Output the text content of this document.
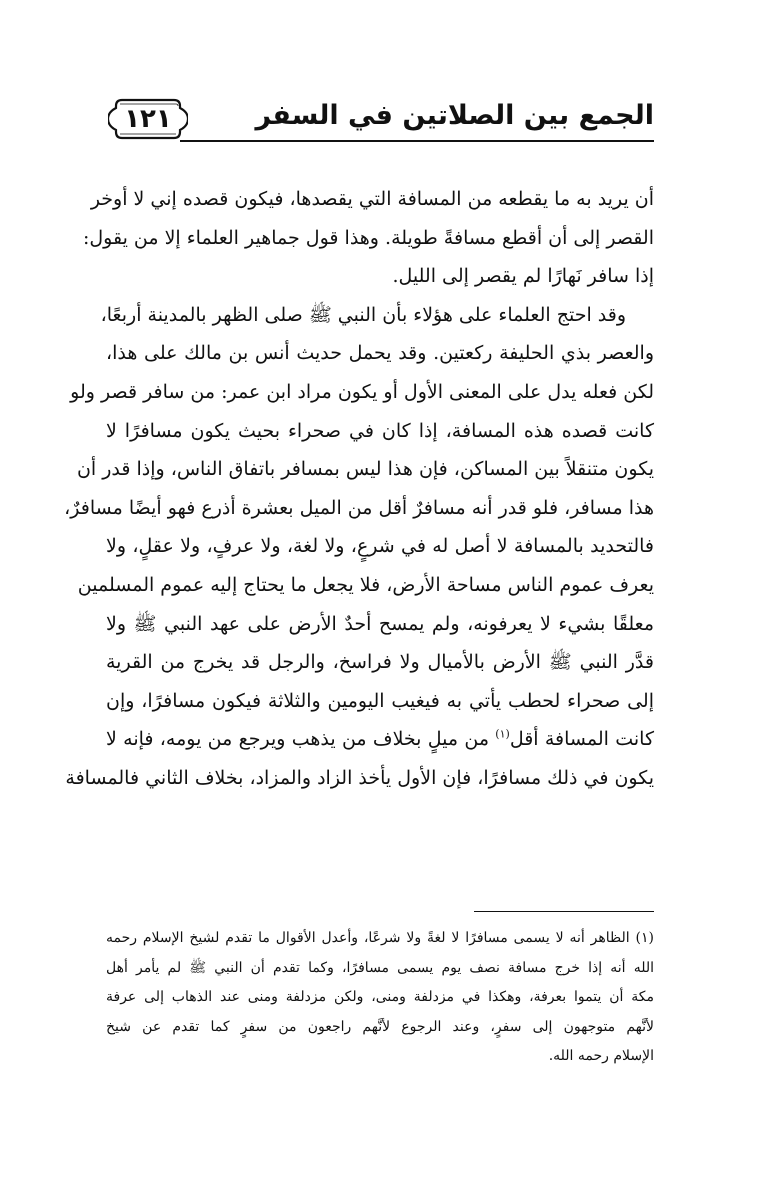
١٢١	الجمع بين الصلاتين في السفر
أن يريد به ما يقطعه من المسافة التي يقصدها، فيكون قصده إني لا أوخر
القصر إلى أن أقطع مسافةً طويلة. وهذا قول جماهير العلماء إلا من يقول:
إذا سافر نَهارًا لم يقصر إلى الليل.
وقد احتج العلماء على هؤلاء بأن النبي ﷺ صلى الظهر بالمدينة أربعًا،
والعصر بذي الحليفة ركعتين. وقد يحمل حديث أنس بن مالك على هذا،
لكن فعله يدل على المعنى الأول أو يكون مراد ابن عمر: من سافر قصر ولو
كانت قصده هذه المسافة، إذا كان في صحراء بحيث يكون مسافرًا لا
يكون متنقلاً بين المساكن، فإن هذا ليس بمسافر باتفاق الناس، وإذا قدر أن
هذا مسافر، فلو قدر أنه مسافرٌ أقل من الميل بعشرة أذرع فهو أيضًا مسافرٌ،
فالتحديد بالمسافة لا أصل له في شرعٍ، ولا لغة، ولا عرفٍ، ولا عقلٍ، ولا
يعرف عموم الناس مساحة الأرض، فلا يجعل ما يحتاج إليه عموم المسلمين
معلقًا بشيء لا يعرفونه، ولم يمسح أحدٌ الأرض على عهد النبي ﷺ ولا
قدَّر النبي ﷺ الأرض بالأميال ولا فراسخ، والرجل قد يخرج من القرية
إلى صحراء لحطب يأتي به فيغيب اليومين والثلاثة فيكون مسافرًا، وإن
كانت المسافة أقل$^{(١)}$ من ميلٍ بخلاف من يذهب ويرجع من يومه، فإنه لا
يكون في ذلك مسافرًا، فإن الأول يأخذ الزاد والمزاد، بخلاف الثاني فالمسافة
(١) الظاهر أنه لا يسمى مسافرًا لا لغةً ولا شرعًا، وأعدل الأقوال ما تقدم لشيخ الإسلام رحمه
الله أنه إذا خرج مسافة نصف يوم يسمى مسافرًا، وكما تقدم أن النبي ﷺ لم يأمر أهل
مكة أن يتموا بعرفة، وهكذا في مزدلفة ومنى، ولكن مزدلفة ومنى عند الذهاب إلى عرفة
لأنَّهم متوجهون إلى سفرٍ، وعند الرجوع لأنَّهم راجعون من سفرٍ كما تقدم عن شيخ
الإسلام رحمه الله.
